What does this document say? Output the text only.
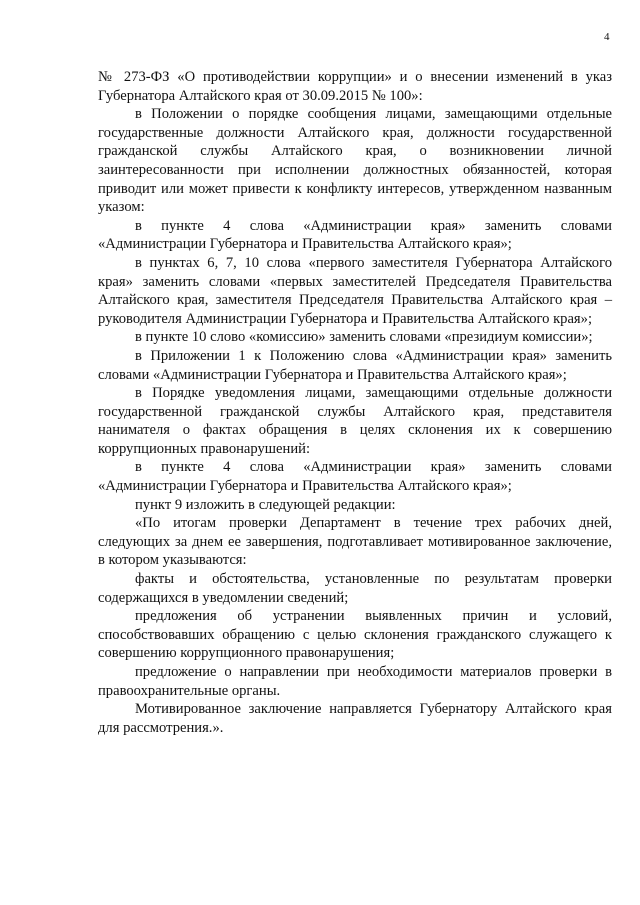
4

№ 273-ФЗ «О противодействии коррупции» и о внесении изменений в указ Губернатора Алтайского края от 30.09.2015 № 100»:

в Положении о порядке сообщения лицами, замещающими отдельные государственные должности Алтайского края, должности государственной гражданской службы Алтайского края, о возникновении личной заинтересованности при исполнении должностных обязанностей, которая приводит или может привести к конфликту интересов, утвержденном названным указом:

в пункте 4 слова «Администрации края» заменить словами «Администрации Губернатора и Правительства Алтайского края»;

в пунктах 6, 7, 10 слова «первого заместителя Губернатора Алтайского края» заменить словами «первых заместителей Председателя Правительства Алтайского края, заместителя Председателя Правительства Алтайского края – руководителя Администрации Губернатора и Правительства Алтайского края»;

в пункте 10 слово «комиссию» заменить словами «президиум комиссии»;

в Приложении 1 к Положению слова «Администрации края» заменить словами «Администрации Губернатора и Правительства Алтайского края»;

в Порядке уведомления лицами, замещающими отдельные должности государственной гражданской службы Алтайского края, представителя нанимателя о фактах обращения в целях склонения их к совершению коррупционных правонарушений:

в пункте 4 слова «Администрации края» заменить словами «Администрации Губернатора и Правительства Алтайского края»;

пункт 9 изложить в следующей редакции:

«По итогам проверки Департамент в течение трех рабочих дней, следующих за днем ее завершения, подготавливает мотивированное заключение, в котором указываются:

факты и обстоятельства, установленные по результатам проверки содержащихся в уведомлении сведений;

предложения об устранении выявленных причин и условий, способствовавших обращению с целью склонения гражданского служащего к совершению коррупционного правонарушения;

предложение о направлении при необходимости материалов проверки в правоохранительные органы.

Мотивированное заключение направляется Губернатору Алтайского края для рассмотрения.».
